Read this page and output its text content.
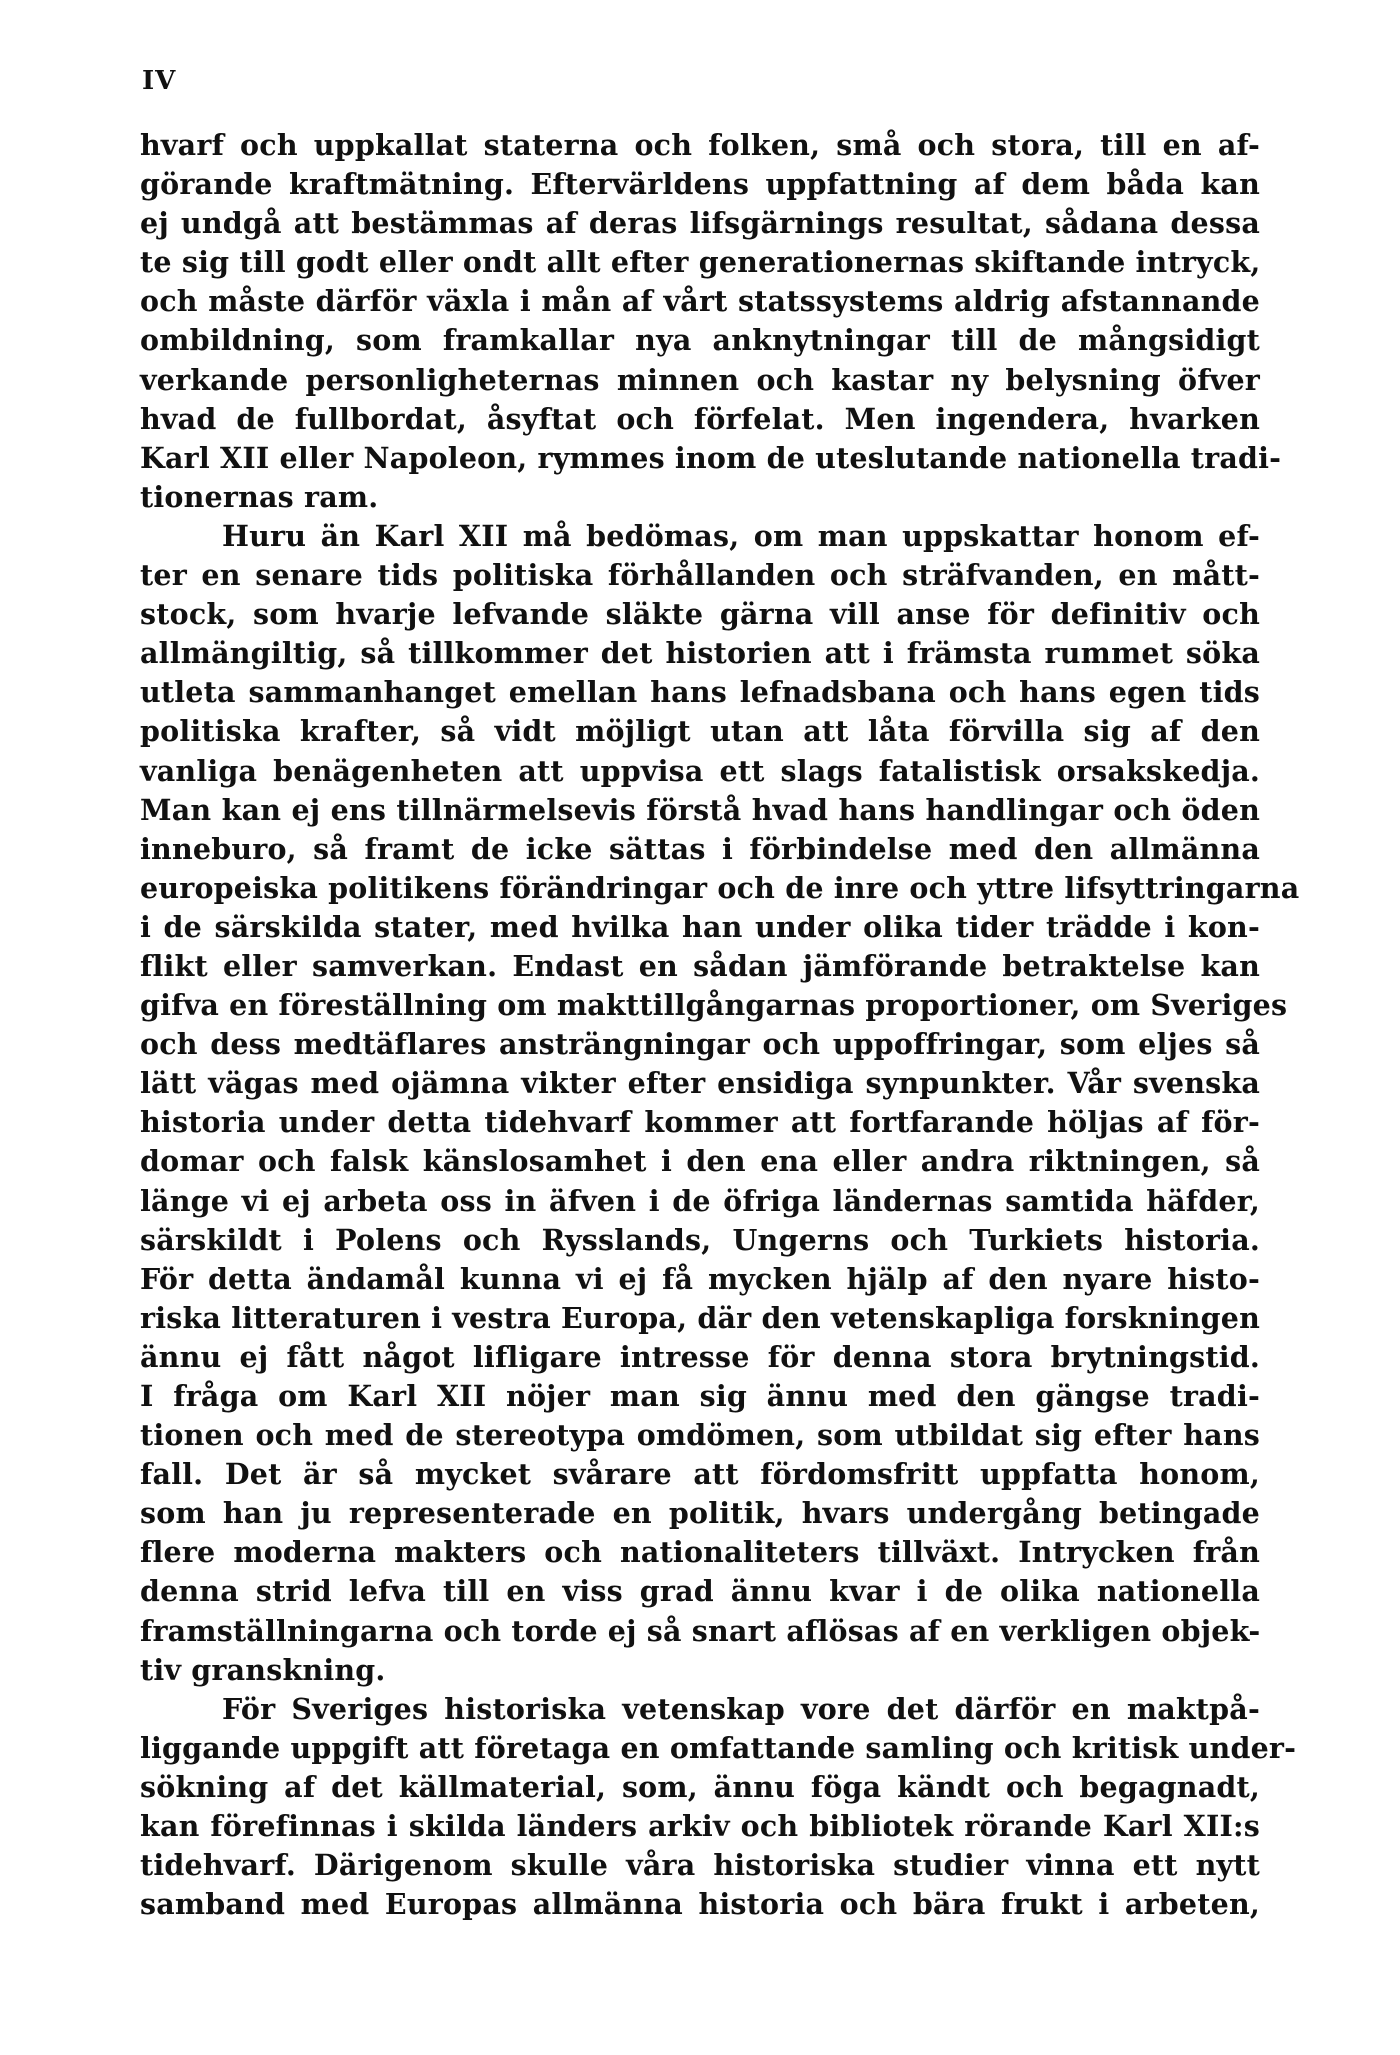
IV
hvarf och uppkallat staterna och folken, små och stora, till en af-
görande kraftmätning. Eftervärldens uppfattning af dem båda kan
ej undgå att bestämmas af deras lifsgärnings resultat, sådana dessa
te sig till godt eller ondt allt efter generationernas skiftande intryck,
och måste därför växla i mån af vårt statssystems aldrig afstannande
ombildning, som framkallar nya anknytningar till de mångsidigt
verkande personligheternas minnen och kastar ny belysning öfver
hvad de fullbordat, åsyftat och förfelat. Men ingendera, hvarken
Karl XII eller Napoleon, rymmes inom de uteslutande nationella tradi-
tionernas ram.
Huru än Karl XII må bedömas, om man uppskattar honom ef-
ter en senare tids politiska förhållanden och sträfvanden, en mått-
stock, som hvarje lefvande släkte gärna vill anse för definitiv och
allmängiltig, så tillkommer det historien att i främsta rummet söka
utleta sammanhanget emellan hans lefnadsbana och hans egen tids
politiska krafter, så vidt möjligt utan att låta förvilla sig af den
vanliga benägenheten att uppvisa ett slags fatalistisk orsakskedja.
Man kan ej ens tillnärmelsevis förstå hvad hans handlingar och öden
inneburo, så framt de icke sättas i förbindelse med den allmänna
europeiska politikens förändringar och de inre och yttre lifsyttringarna
i de särskilda stater, med hvilka han under olika tider trädde i kon-
flikt eller samverkan. Endast en sådan jämförande betraktelse kan
gifva en föreställning om makttillgångarnas proportioner, om Sveriges
och dess medtäflares ansträngningar och uppoffringar, som eljes så
lätt vägas med ojämna vikter efter ensidiga synpunkter. Vår svenska
historia under detta tidehvarf kommer att fortfarande höljas af för-
domar och falsk känslosamhet i den ena eller andra riktningen, så
länge vi ej arbeta oss in äfven i de öfriga ländernas samtida häfder,
särskildt i Polens och Rysslands, Ungerns och Turkiets historia.
För detta ändamål kunna vi ej få mycken hjälp af den nyare histo-
riska litteraturen i vestra Europa, där den vetenskapliga forskningen
ännu ej fått något lifligare intresse för denna stora brytningstid.
I fråga om Karl XII nöjer man sig ännu med den gängse tradi-
tionen och med de stereotypa omdömen, som utbildat sig efter hans
fall. Det är så mycket svårare att fördomsfritt uppfatta honom,
som han ju representerade en politik, hvars undergång betingade
flere moderna makters och nationaliteters tillväxt. Intrycken från
denna strid lefva till en viss grad ännu kvar i de olika nationella
framställningarna och torde ej så snart aflösas af en verkligen objek-
tiv granskning.
För Sveriges historiska vetenskap vore det därför en maktpå-
liggande uppgift att företaga en omfattande samling och kritisk under-
sökning af det källmaterial, som, ännu föga kändt och begagnadt,
kan förefinnas i skilda länders arkiv och bibliotek rörande Karl XII:s
tidehvarf. Därigenom skulle våra historiska studier vinna ett nytt
samband med Europas allmänna historia och bära frukt i arbeten,
